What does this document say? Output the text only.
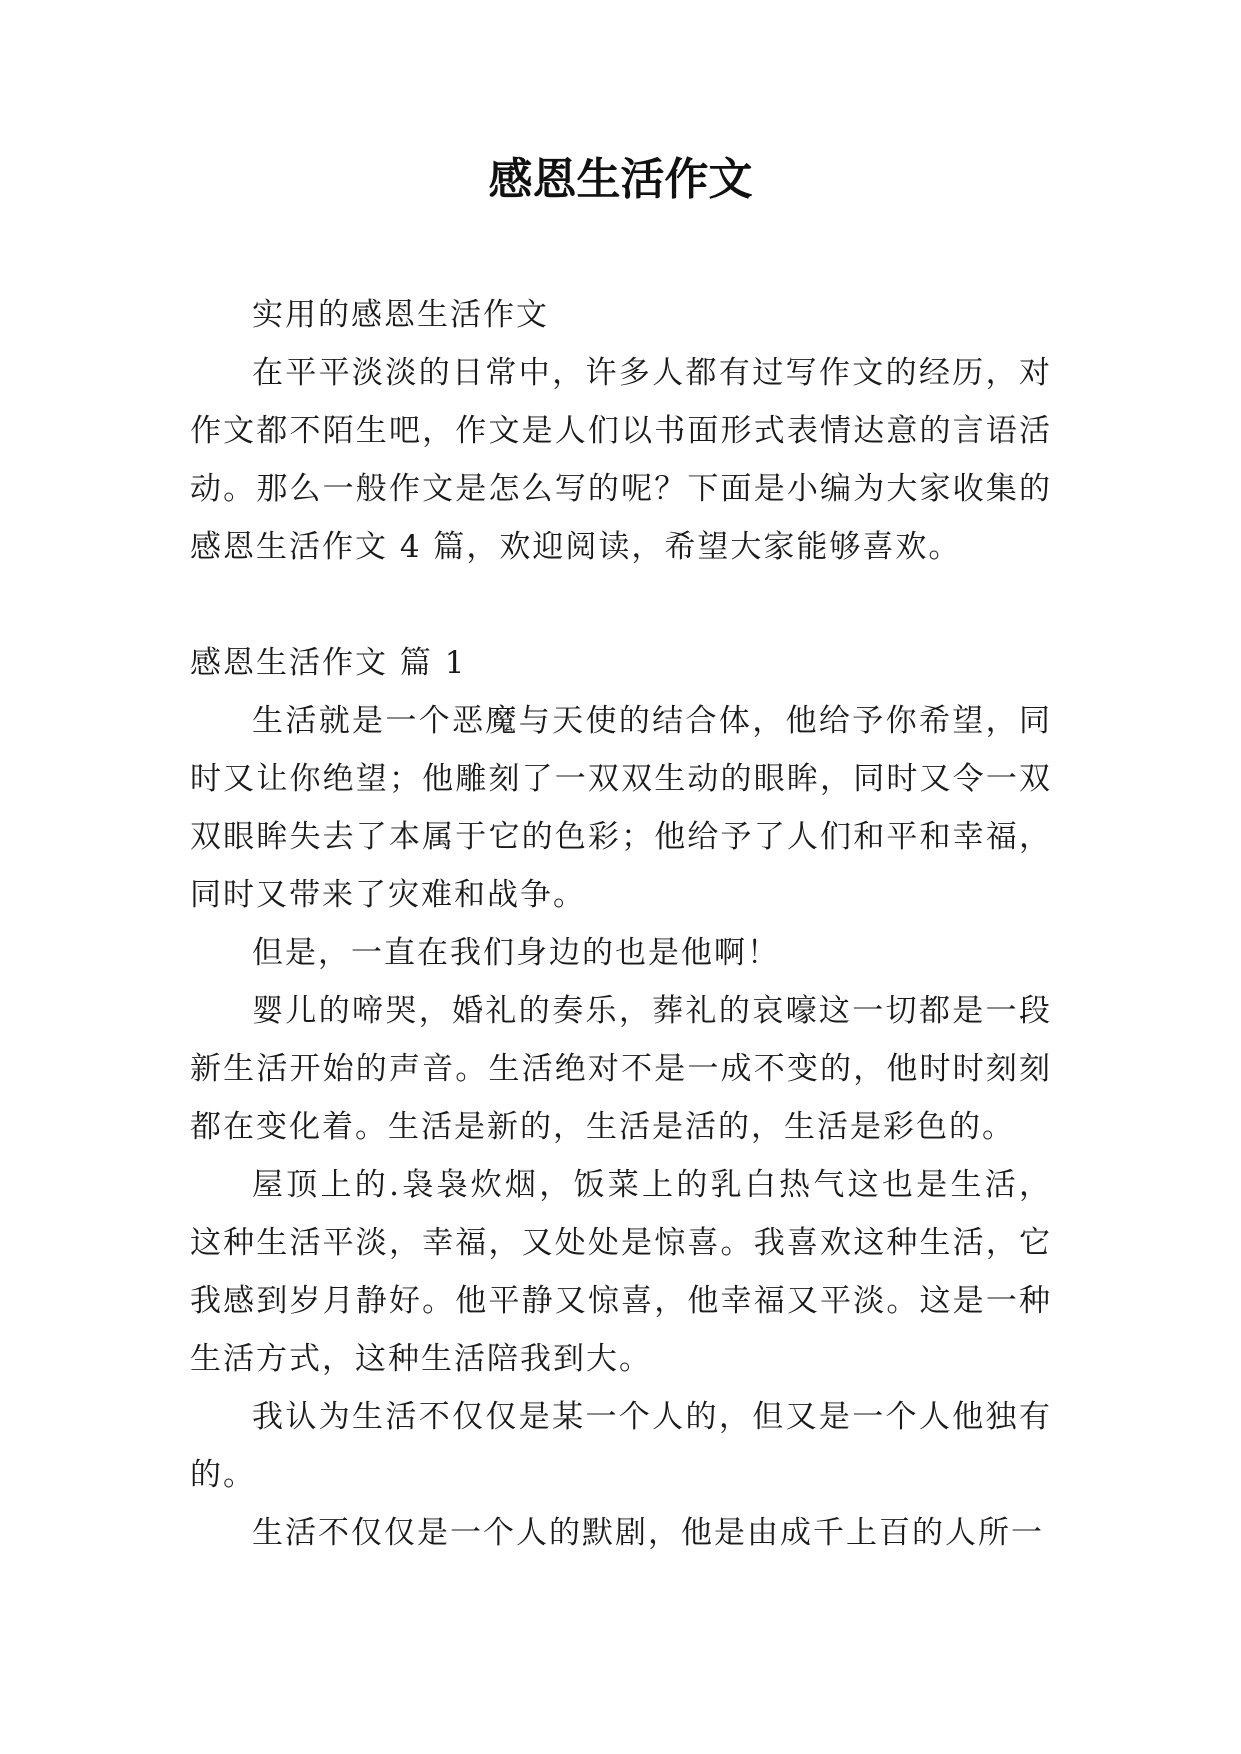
感恩生活作文

实用的感恩生活作文

在平平淡淡的日常中，许多人都有过写作文的经历，对作文都不陌生吧，作文是人们以书面形式表情达意的言语活动。那么一般作文是怎么写的呢？下面是小编为大家收集的感恩生活作文 4 篇，欢迎阅读，希望大家能够喜欢。

感恩生活作文 篇 1

生活就是一个恶魔与天使的结合体，他给予你希望，同时又让你绝望；他雕刻了一双双生动的眼眸，同时又令一双双眼眸失去了本属于它的色彩；他给予了人们和平和幸福，同时又带来了灾难和战争。

但是，一直在我们身边的也是他啊！

婴儿的啼哭，婚礼的奏乐，葬礼的哀嚎这一切都是一段新生活开始的声音。生活绝对不是一成不变的，他时时刻刻都在变化着。生活是新的，生活是活的，生活是彩色的。

屋顶上的.袅袅炊烟，饭菜上的乳白热气这也是生活，这种生活平淡，幸福，又处处是惊喜。我喜欢这种生活，它我感到岁月静好。他平静又惊喜，他幸福又平淡。这是一种生活方式，这种生活陪我到大。

我认为生活不仅仅是某一个人的，但又是一个人他独有的。

生活不仅仅是一个人的默剧，他是由成千上百的人所一
